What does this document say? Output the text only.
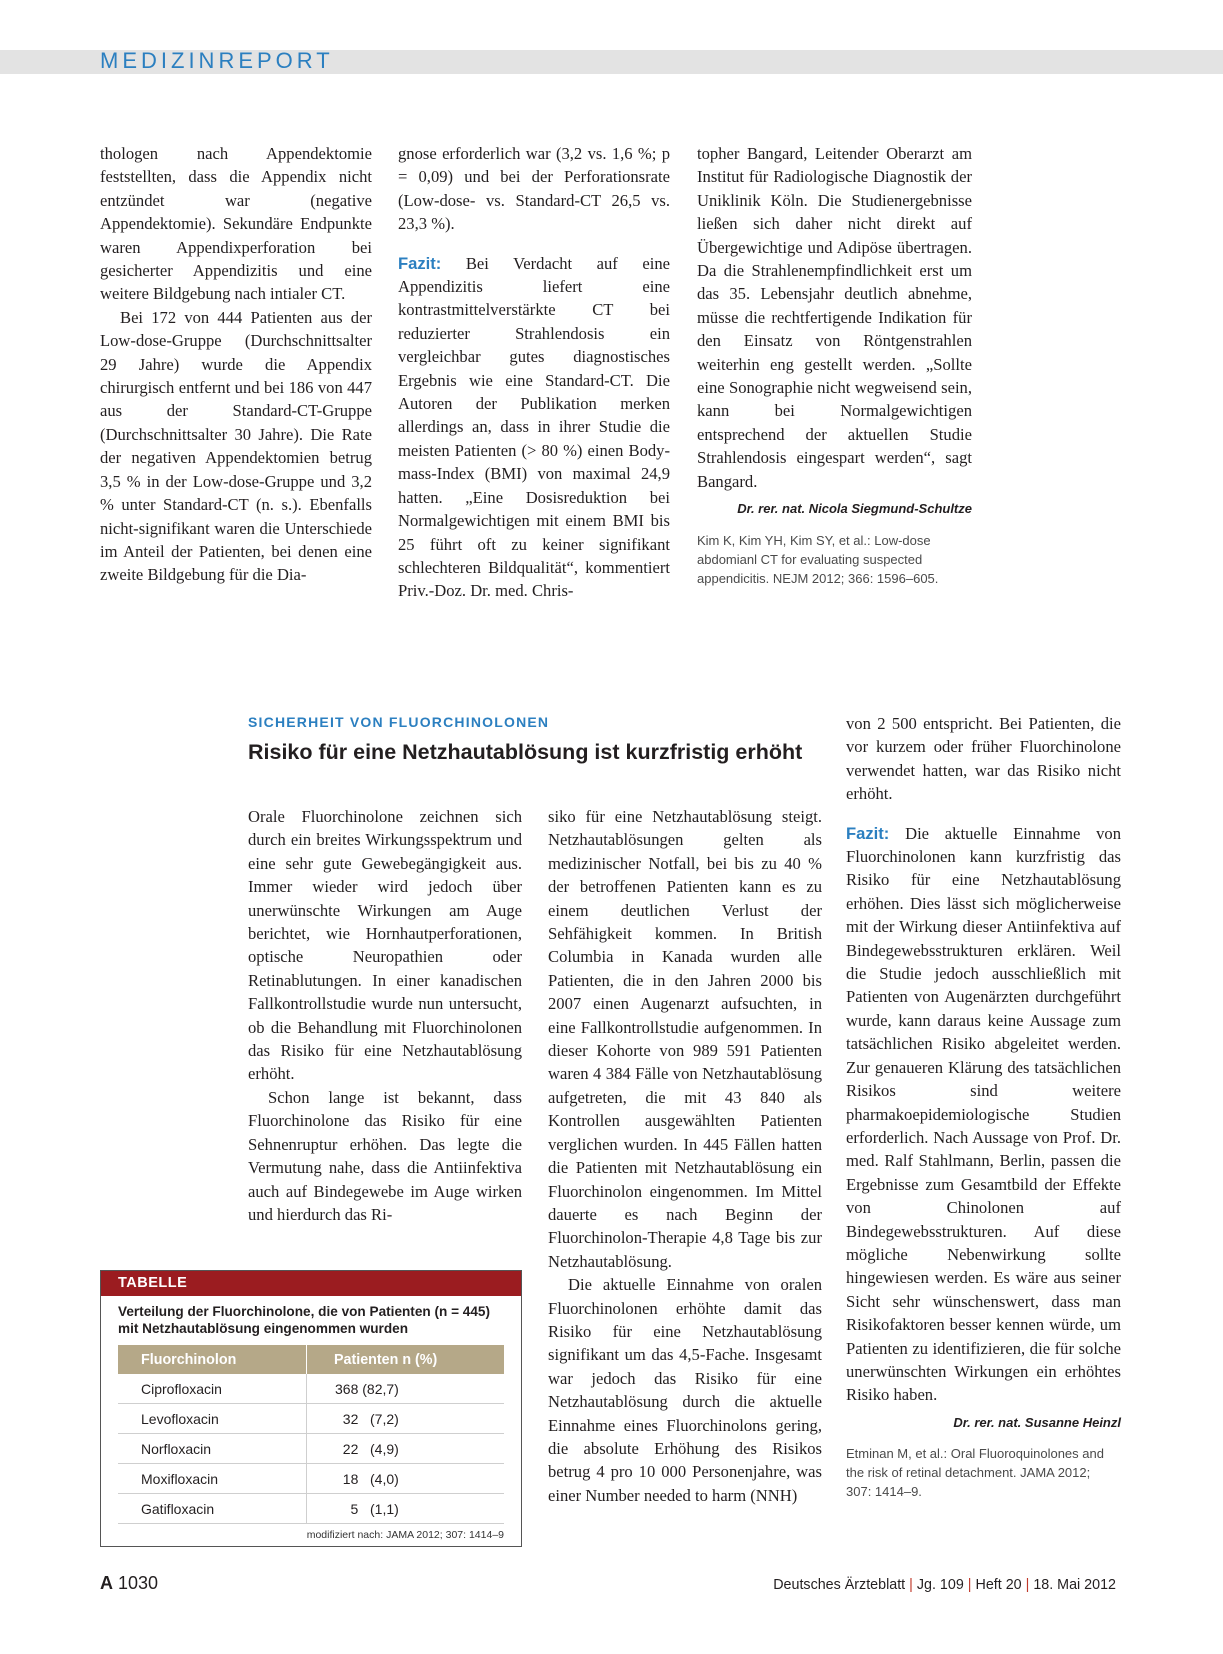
MEDIZINREPORT

thologen nach Appendektomie feststellten, dass die Appendix nicht entzündet war (negative Appendektomie). Sekundäre Endpunkte waren Appendixperforation bei gesicherter Appendizitis und eine weitere Bildgebung nach intialer CT.

Bei 172 von 444 Patienten aus der Low-dose-Gruppe (Durchschnittsalter 29 Jahre) wurde die Appendix chirurgisch entfernt und bei 186 von 447 aus der Standard-CT-Gruppe (Durchschnittsalter 30 Jahre). Die Rate der negativen Appendektomien betrug 3,5 % in der Low-dose-Gruppe und 3,2 % unter Standard-CT (n. s.). Ebenfalls nicht-signifikant waren die Unterschiede im Anteil der Patienten, bei denen eine zweite Bildgebung für die Dia-

gnose erforderlich war (3,2 vs. 1,6 %; p = 0,09) und bei der Perforationsrate (Low-dose- vs. Standard-CT 26,5 vs. 23,3 %).

Fazit: Bei Verdacht auf eine Appendizitis liefert eine kontrastmittelverstärkte CT bei reduzierter Strahlendosis ein vergleichbar gutes diagnostisches Ergebnis wie eine Standard-CT. Die Autoren der Publikation merken allerdings an, dass in ihrer Studie die meisten Patienten (> 80 %) einen Body-mass-Index (BMI) von maximal 24,9 hatten. „Eine Dosisreduktion bei Normalgewichtigen mit einem BMI bis 25 führt oft zu keiner signifikant schlechteren Bildqualität“, kommentiert Priv.-Doz. Dr. med. Chris-

topher Bangard, Leitender Oberarzt am Institut für Radiologische Diagnostik der Uniklinik Köln. Die Studienergebnisse ließen sich daher nicht direkt auf Übergewichtige und Adipöse übertragen. Da die Strahlenempfindlichkeit erst um das 35. Lebensjahr deutlich abnehme, müsse die rechtfertigende Indikation für den Einsatz von Röntgenstrahlen weiterhin eng gestellt werden. „Sollte eine Sonographie nicht wegweisend sein, kann bei Normalgewichtigen entsprechend der aktuellen Studie Strahlendosis eingespart werden“, sagt Bangard.

Dr. rer. nat. Nicola Siegmund-Schultze
Kim K, Kim YH, Kim SY, et al.: Low-dose abdomianl CT for evaluating suspected appendicitis. NEJM 2012; 366: 1596–605.
SICHERHEIT VON FLUORCHINOLONEN
Risiko für eine Netzhautablösung ist kurzfristig erhöht

Orale Fluorchinolone zeichnen sich durch ein breites Wirkungsspektrum und eine sehr gute Gewebegängigkeit aus. Immer wieder wird jedoch über unerwünschte Wirkungen am Auge berichtet, wie Hornhautperforationen, optische Neuropathien oder Retinablutungen. In einer kanadischen Fallkontrollstudie wurde nun untersucht, ob die Behandlung mit Fluorchinolonen das Risiko für eine Netzhautablösung erhöht.

Schon lange ist bekannt, dass Fluorchinolone das Risiko für eine Sehnenruptur erhöhen. Das legte die Vermutung nahe, dass die Antiinfektiva auch auf Bindegewebe im Auge wirken und hierdurch das Ri-

siko für eine Netzhautablösung steigt. Netzhautablösungen gelten als medizinischer Notfall, bei bis zu 40 % der betroffenen Patienten kann es zu einem deutlichen Verlust der Sehfähigkeit kommen. In British Columbia in Kanada wurden alle Patienten, die in den Jahren 2000 bis 2007 einen Augenarzt aufsuchten, in eine Fallkontrollstudie aufgenommen. In dieser Kohorte von 989 591 Patienten waren 4 384 Fälle von Netzhautablösung aufgetreten, die mit 43 840 als Kontrollen ausgewählten Patienten verglichen wurden. In 445 Fällen hatten die Patienten mit Netzhautablösung ein Fluorchinolon eingenommen. Im Mittel dauerte es nach Beginn der Fluorchinolon-Therapie 4,8 Tage bis zur Netzhautablösung.

Die aktuelle Einnahme von oralen Fluorchinolonen erhöhte damit das Risiko für eine Netzhautablösung signifikant um das 4,5-Fache. Insgesamt war jedoch das Risiko für eine Netzhautablösung durch die aktuelle Einnahme eines Fluorchinolons gering, die absolute Erhöhung des Risikos betrug 4 pro 10 000 Personenjahre, was einer Number needed to harm (NNH)

von 2 500 entspricht. Bei Patienten, die vor kurzem oder früher Fluorchinolone verwendet hatten, war das Risiko nicht erhöht.

Fazit: Die aktuelle Einnahme von Fluorchinolonen kann kurzfristig das Risiko für eine Netzhautablösung erhöhen. Dies lässt sich möglicherweise mit der Wirkung dieser Antiinfektiva auf Bindegewebsstrukturen erklären. Weil die Studie jedoch ausschließlich mit Patienten von Augenärzten durchgeführt wurde, kann daraus keine Aussage zum tatsächlichen Risiko abgeleitet werden. Zur genaueren Klärung des tatsächlichen Risikos sind weitere pharmakoepidemiologische Studien erforderlich. Nach Aussage von Prof. Dr. med. Ralf Stahlmann, Berlin, passen die Ergebnisse zum Gesamtbild der Effekte von Chinolonen auf Bindegewebsstrukturen. Auf diese mögliche Nebenwirkung sollte hingewiesen werden. Es wäre aus seiner Sicht sehr wünschenswert, dass man Risikofaktoren besser kennen würde, um Patienten zu identifizieren, die für solche unerwünschten Wirkungen ein erhöhtes Risiko haben.

Dr. rer. nat. Susanne Heinzl
Etminan M, et al.: Oral Fluoroquinolones and the risk of retinal detachment. JAMA 2012; 307: 1414–9.
TABELLE
Verteilung der Fluorchinolone, die von Patienten (n = 445) mit Netzhautablösung eingenommen wurden
Fluorchinolon	Patienten n (%)
Ciprofloxacin	368 (82,7)
Levofloxacin	32   (7,2)
Norfloxacin	22   (4,9)
Moxifloxacin	18   (4,0)
Gatifloxacin	5   (1,1)
modifiziert nach: JAMA 2012; 307: 1414–9
A 1030	Deutsches Ärzteblatt | Jg. 109 | Heft 20 | 18. Mai 2012
